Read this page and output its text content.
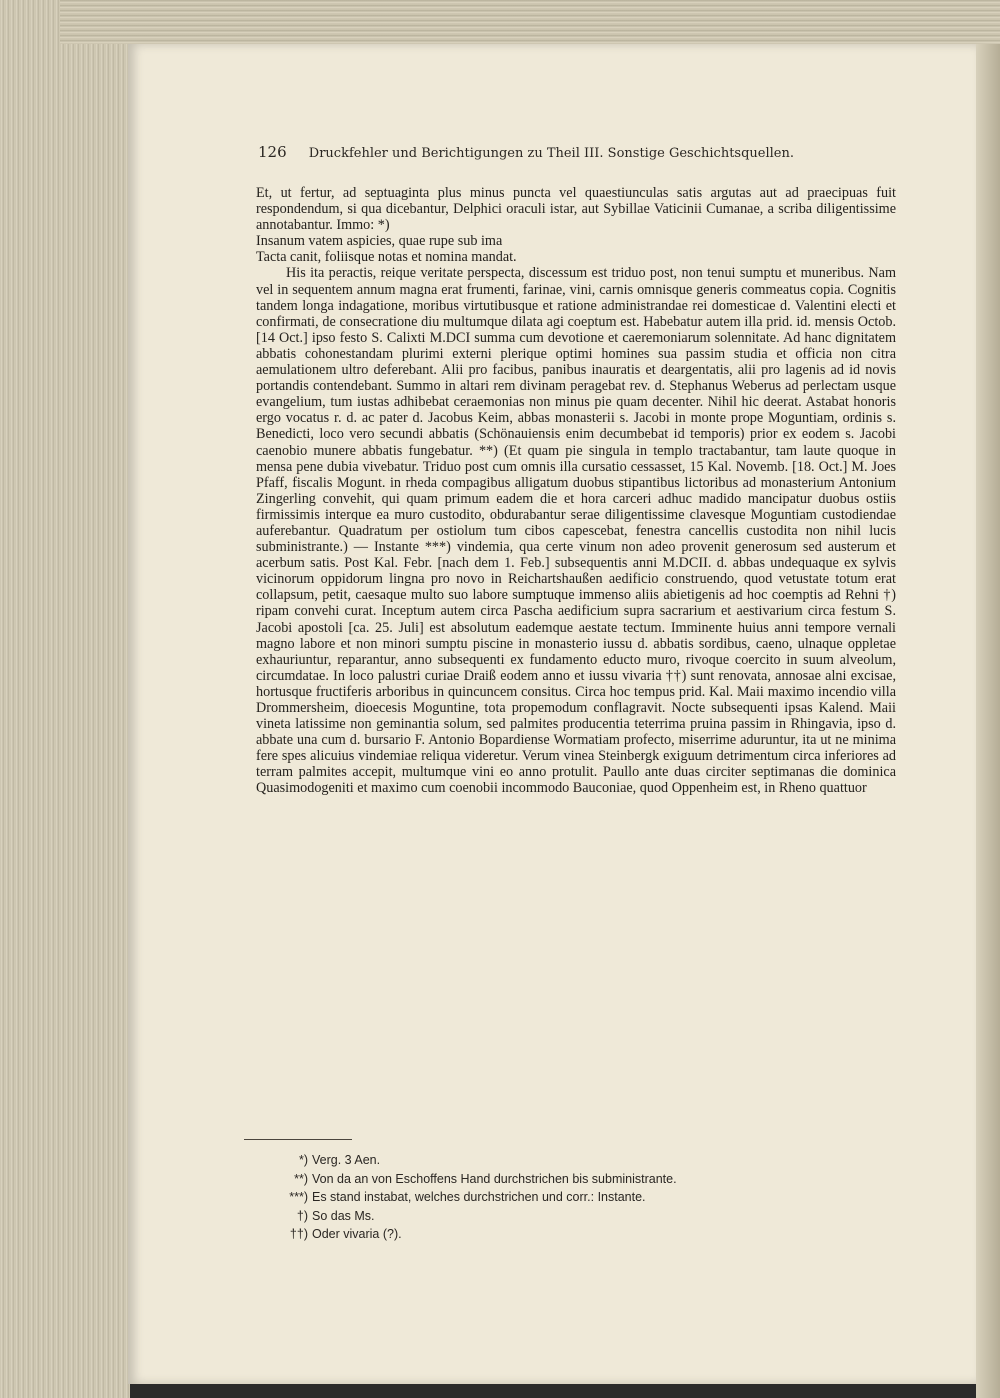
126 Druckfehler und Berichtigungen zu Theil III. Sonstige Geschichtsquellen.

Et, ut fertur, ad septuaginta plus minus puncta vel quaestiunculas satis argutas aut ad praecipuas fuit respondendum, si qua dicebantur, Delphici oraculi istar, aut Sybillae Vaticinii Cumanae, a scriba diligentissime annotabantur. Immo: *)

Insanum vatem aspicies, quae rupe sub ima

Tacta canit, foliisque notas et nomina mandat.

His ita peractis, reique veritate perspecta, discessum est triduo post, non tenui sumptu et muneribus. Nam vel in sequentem annum magna erat frumenti, farinae, vini, carnis omnisque generis commeatus copia. Cognitis tandem longa indagatione, moribus virtutibusque et ratione administrandae rei domesticae d. Valentini electi et confirmati, de consecratione diu multumque dilata agi coeptum est. Habebatur autem illa prid. id. mensis Octob. [14 Oct.] ipso festo S. Calixti M.DCI summa cum devotione et caeremoniarum solennitate. Ad hanc dignitatem abbatis cohonestandam plurimi externi plerique optimi homines sua passim studia et officia non citra aemulationem ultro deferebant. Alii pro facibus, panibus inauratis et deargentatis, alii pro lagenis ad id novis portandis contendebant. Summo in altari rem divinam peragebat rev. d. Stephanus Weberus ad perlectam usque evangelium, tum iustas adhibebat ceraemonias non minus pie quam decenter. Nihil hic deerat. Astabat honoris ergo vocatus r. d. ac pater d. Jacobus Keim, abbas monasterii s. Jacobi in monte prope Moguntiam, ordinis s. Benedicti, loco vero secundi abbatis (Schönauiensis enim decumbebat id temporis) prior ex eodem s. Jacobi caenobio munere abbatis fungebatur. **) (Et quam pie singula in templo tractabantur, tam laute quoque in mensa pene dubia vivebatur. Triduo post cum omnis illa cursatio cessasset, 15 Kal. Novemb. [18. Oct.] M. Joes Pfaff, fiscalis Mogunt. in rheda compagibus alligatum duobus stipantibus lictoribus ad monasterium Antonium Zingerling convehit, qui quam primum eadem die et hora carceri adhuc madido mancipatur duobus ostiis firmissimis interque ea muro custodito, obdurabantur serae diligentissime clavesque Moguntiam custodiendae auferebantur. Quadratum per ostiolum tum cibos capescebat, fenestra cancellis custodita non nihil lucis subministrante.) — Instante ***) vindemia, qua certe vinum non adeo provenit generosum sed austerum et acerbum satis. Post Kal. Febr. [nach dem 1. Feb.] subsequentis anni M.DCII. d. abbas undequaque ex sylvis vicinorum oppidorum lingna pro novo in Reichartshaußen aedificio construendo, quod vetustate totum erat collapsum, petit, caesaque multo suo labore sumptuque immenso aliis abietigenis ad hoc coemptis ad Rehni †) ripam convehi curat. Inceptum autem circa Pascha aedificium supra sacrarium et aestivarium circa festum S. Jacobi apostoli [ca. 25. Juli] est absolutum eademque aestate tectum. Imminente huius anni tempore vernali magno labore et non minori sumptu piscine in monasterio iussu d. abbatis sordibus, caeno, ulnaque oppletae exhauriuntur, reparantur, anno subsequenti ex fundamento educto muro, rivoque coercito in suum alveolum, circumdatae. In loco palustri curiae Draiß eodem anno et iussu vivaria ††) sunt renovata, annosae alni excisae, hortusque fructiferis arboribus in quincuncem consitus. Circa hoc tempus prid. Kal. Maii maximo incendio villa Drommersheim, dioecesis Moguntine, tota propemodum conflagravit. Nocte subsequenti ipsas Kalend. Maii vineta latissime non geminantia solum, sed palmites producentia teterrima pruina passim in Rhingavia, ipso d. abbate una cum d. bursario F. Antonio Bopardiense Wormatiam profecto, miserrime aduruntur, ita ut ne minima fere spes alicuius vindemiae reliqua videretur. Verum vinea Steinbergk exiguum detrimentum circa inferiores ad terram palmites accepit, multumque vini eo anno protulit. Paullo ante duas circiter septimanas die dominica Quasimodogeniti et maximo cum coenobii incommodo Bauconiae, quod Oppenheim est, in Rheno quattuor

*) Verg. 3 Aen.
**) Von da an von Eschoffens Hand durchstrichen bis subministrante.
***) Es stand instabat, welches durchstrichen und corr.: Instante.
†) So das Ms.
††) Oder vivaria (?).
